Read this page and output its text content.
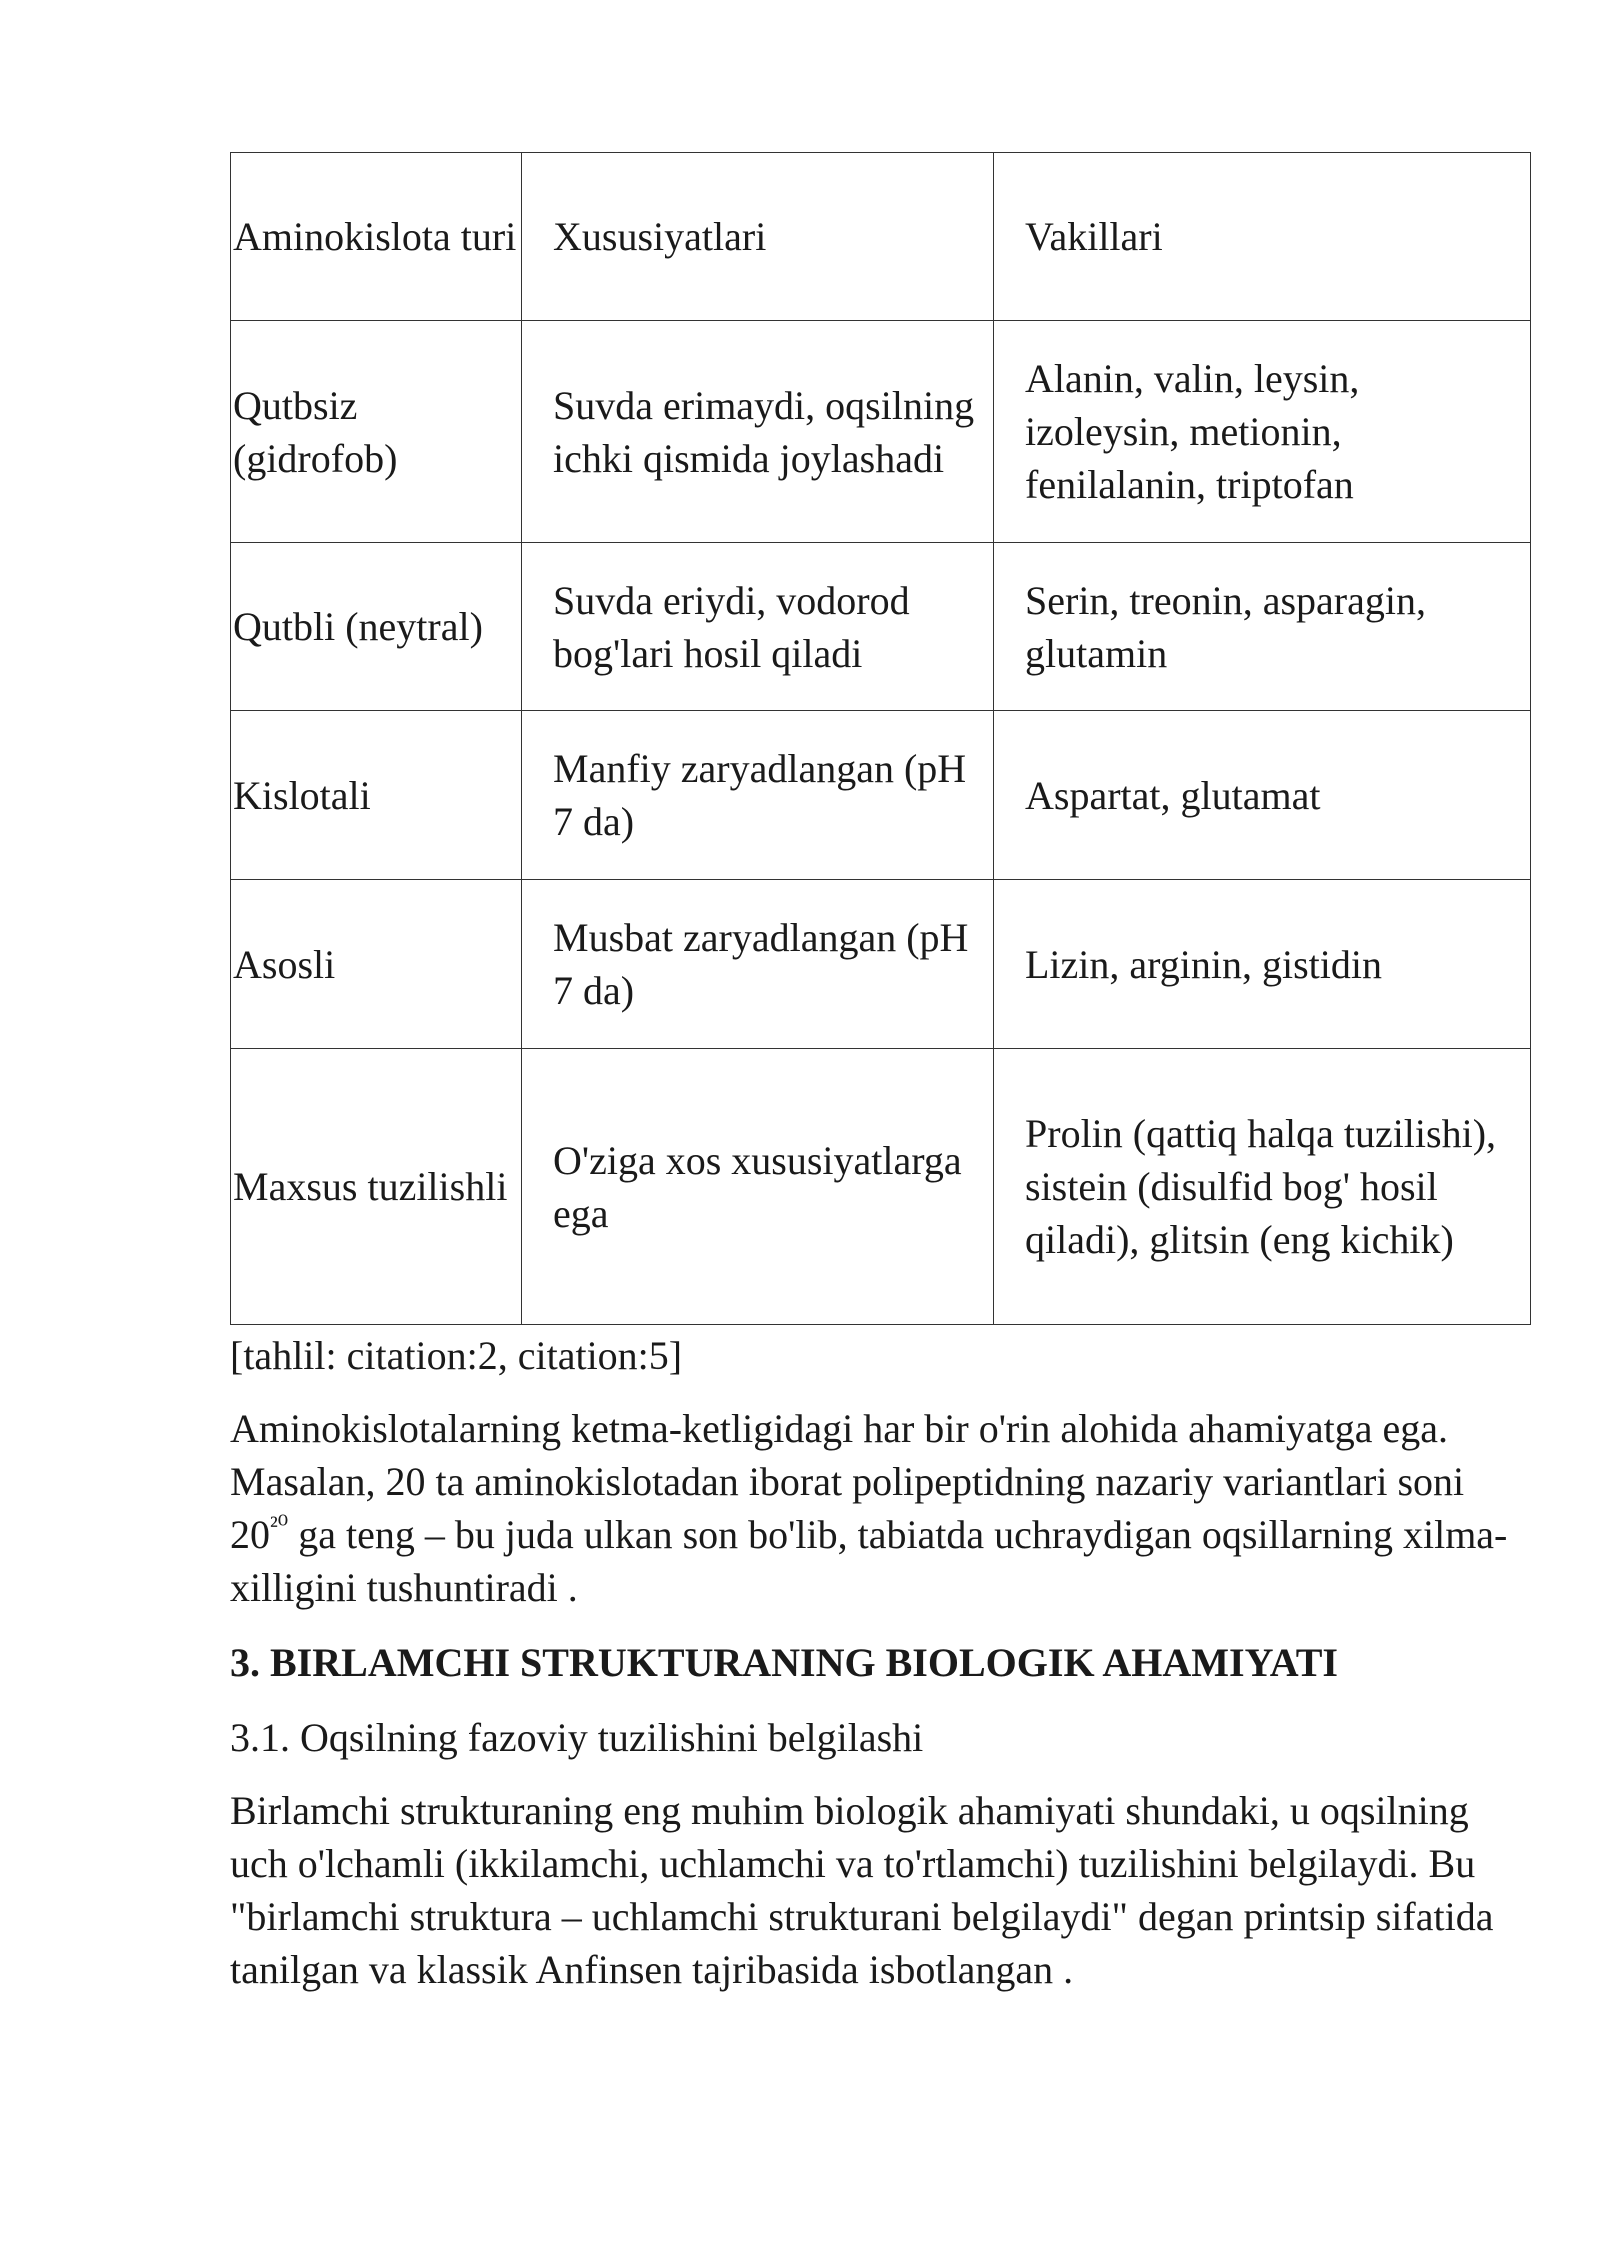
Aminokislota turi	Xususiyatlari	Vakillari
Qutbsiz (gidrofob)	Suvda erimaydi, oqsilning ichki qismida joylashadi	Alanin, valin, leysin, izoleysin, metionin, fenilalanin, triptofan
Qutbli (neytral)	Suvda eriydi, vodorod bog'lari hosil qiladi	Serin, treonin, asparagin, glutamin
Kislotali	Manfiy zaryadlangan (pH 7 da)	Aspartat, glutamat
Asosli	Musbat zaryadlangan (pH 7 da)	Lizin, arginin, gistidin
Maxsus tuzilishli	O'ziga xos xususiyatlarga ega	Prolin (qattiq halqa tuzilishi), sistein (disulfid bog' hosil qiladi), glitsin (eng kichik)
[tahlil: citation:2, citation:5]

Aminokislotalarning ketma-ketligidagi har bir o'rin alohida ahamiyatga ega. Masalan, 20 ta aminokislotadan iborat polipeptidning nazariy variantlari soni $20^{^{20}}$ ga teng – bu juda ulkan son bo'lib, tabiatda uchraydigan oqsillarning xilma-xilligini tushuntiradi .

3. BIRLAMCHI STRUKTURANING BIOLOGIK AHAMIYATI
3.1. Oqsilning fazoviy tuzilishini belgilashi

Birlamchi strukturaning eng muhim biologik ahamiyati shundaki, u oqsilning uch o'lchamli (ikkilamchi, uchlamchi va to'rtlamchi) tuzilishini belgilaydi. Bu "birlamchi struktura – uchlamchi strukturani belgilaydi" degan printsip sifatida tanilgan va klassik Anfinsen tajribasida isbotlangan .
